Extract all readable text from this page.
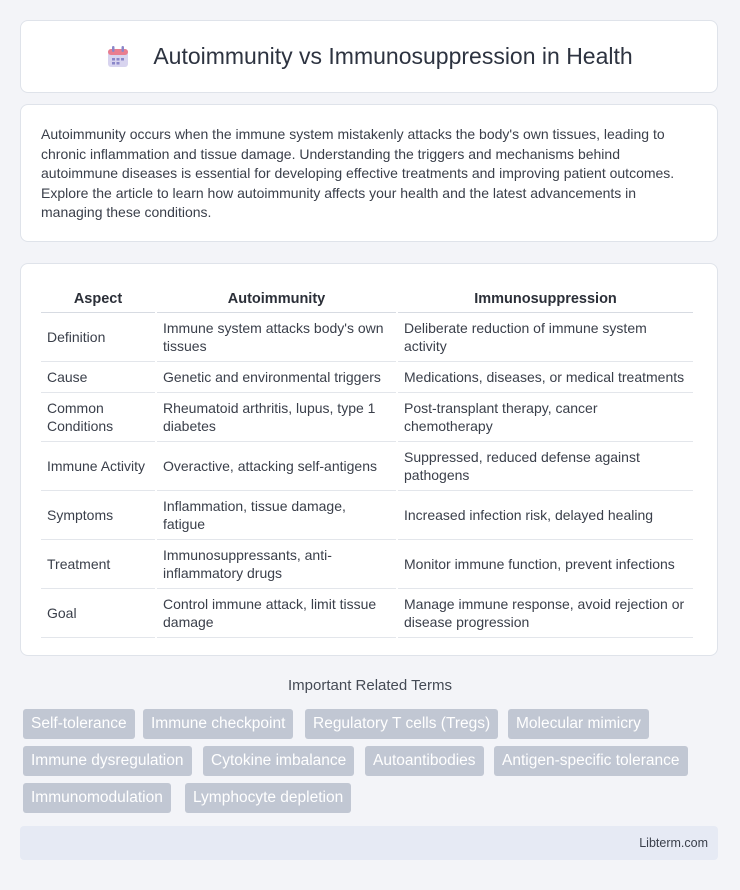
Autoimmunity vs Immunosuppression in Health
Autoimmunity occurs when the immune system mistakenly attacks the body's own tissues, leading to chronic inflammation and tissue damage. Understanding the triggers and mechanisms behind autoimmune diseases is essential for developing effective treatments and improving patient outcomes. Explore the article to learn how autoimmunity affects your health and the latest advancements in managing these conditions.
Aspect	Autoimmunity	Immunosuppression
Definition	Immune system attacks body's own tissues	Deliberate reduction of immune system activity
Cause	Genetic and environmental triggers	Medications, diseases, or medical treatments
Common Conditions	Rheumatoid arthritis, lupus, type 1 diabetes	Post-transplant therapy, cancer chemotherapy
Immune Activity	Overactive, attacking self-antigens	Suppressed, reduced defense against pathogens
Symptoms	Inflammation, tissue damage, fatigue	Increased infection risk, delayed healing
Treatment	Immunosuppressants, anti-inflammatory drugs	Monitor immune function, prevent infections
Goal	Control immune attack, limit tissue damage	Manage immune response, avoid rejection or disease progression
Important Related Terms
Self-tolerance	Immune checkpoint	Regulatory T cells (Tregs)	Molecular mimicry
Immune dysregulation	Cytokine imbalance	Autoantibodies	Antigen-specific tolerance
Immunomodulation	Lymphocyte depletion
Libterm.com
